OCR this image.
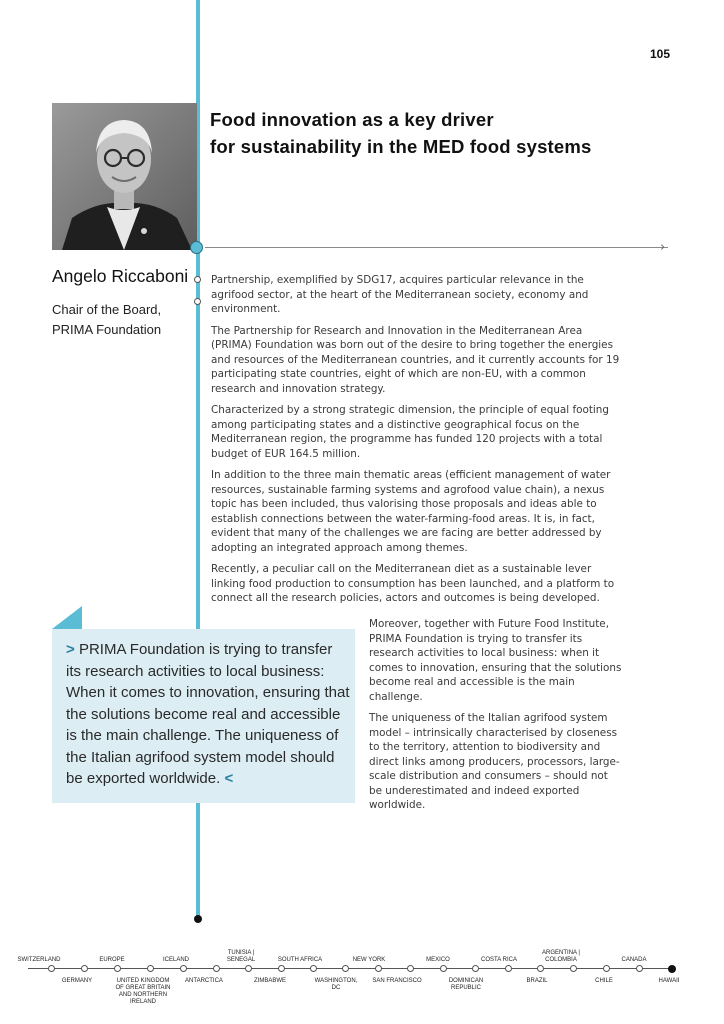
105
Food innovation as a key driver
for sustainability in the MED food systems
›
Angelo Riccaboni
Chair of the Board,
PRIMA Foundation

Partnership, exemplified by SDG17, acquires particular relevance in the agrifood sector, at the heart of the Mediterranean society, economy and environment.

The Partnership for Research and Innovation in the Mediterranean Area (PRIMA) Foundation was born out of the desire to bring together the energies and resources of the Mediterranean countries, and it currently accounts for 19 participating state countries, eight of which are non-EU, with a common research and innovation strategy.

Characterized by a strong strategic dimension, the principle of equal footing among participating states and a distinctive geographical focus on the Mediterranean region, the programme has funded 120 projects with a total budget of EUR 164.5 million.

In addition to the three main thematic areas (efficient management of water resources, sustainable farming systems and agrofood value chain), a nexus topic has been included, thus valorising those proposals and ideas able to establish connections between the water-farming-food areas. It is, in fact, evident that many of the challenges we are facing are better addressed by adopting an integrated approach among themes.

Recently, a peculiar call on the Mediterranean diet as a sustainable lever linking food production to consumption has been launched, and a platform to connect all the research policies, actors and outcomes is being developed.

Moreover, together with Future Food Institute, PRIMA Foundation is trying to transfer its research activities to local business: when it comes to innovation, ensuring that the solutions become real and accessible is the main challenge.

The uniqueness of the Italian agrifood system model – intrinsically characterised by closeness to the territory, attention to biodiversity and direct links among producers, processors, large-scale distribution and consumers – should not be underestimated and indeed exported worldwide.

> PRIMA Foundation is trying to transfer its research activities to local business: When it comes to innovation, ensuring that the solutions become real and accessible is the main challenge. The uniqueness of the Italian agrifood system model should be exported worldwide. <
SWITZERLAND	EUROPE	ICELAND
TUNISIA |
SENEGAL	SOUTH AFRICA	NEW YORK	MEXICO	COSTA RICA
ARGENTINA |
COLOMBIA	CANADA
GERMANY	UNITED KINGDOM
OF GREAT BRITAIN
AND NORTHERN
IRELAND
ANTARCTICA	ZIMBABWE	WASHINGTON,
DC
SAN FRANCISCO	DOMINICAN
REPUBLIC
BRAZIL	CHILE	HAWAII
